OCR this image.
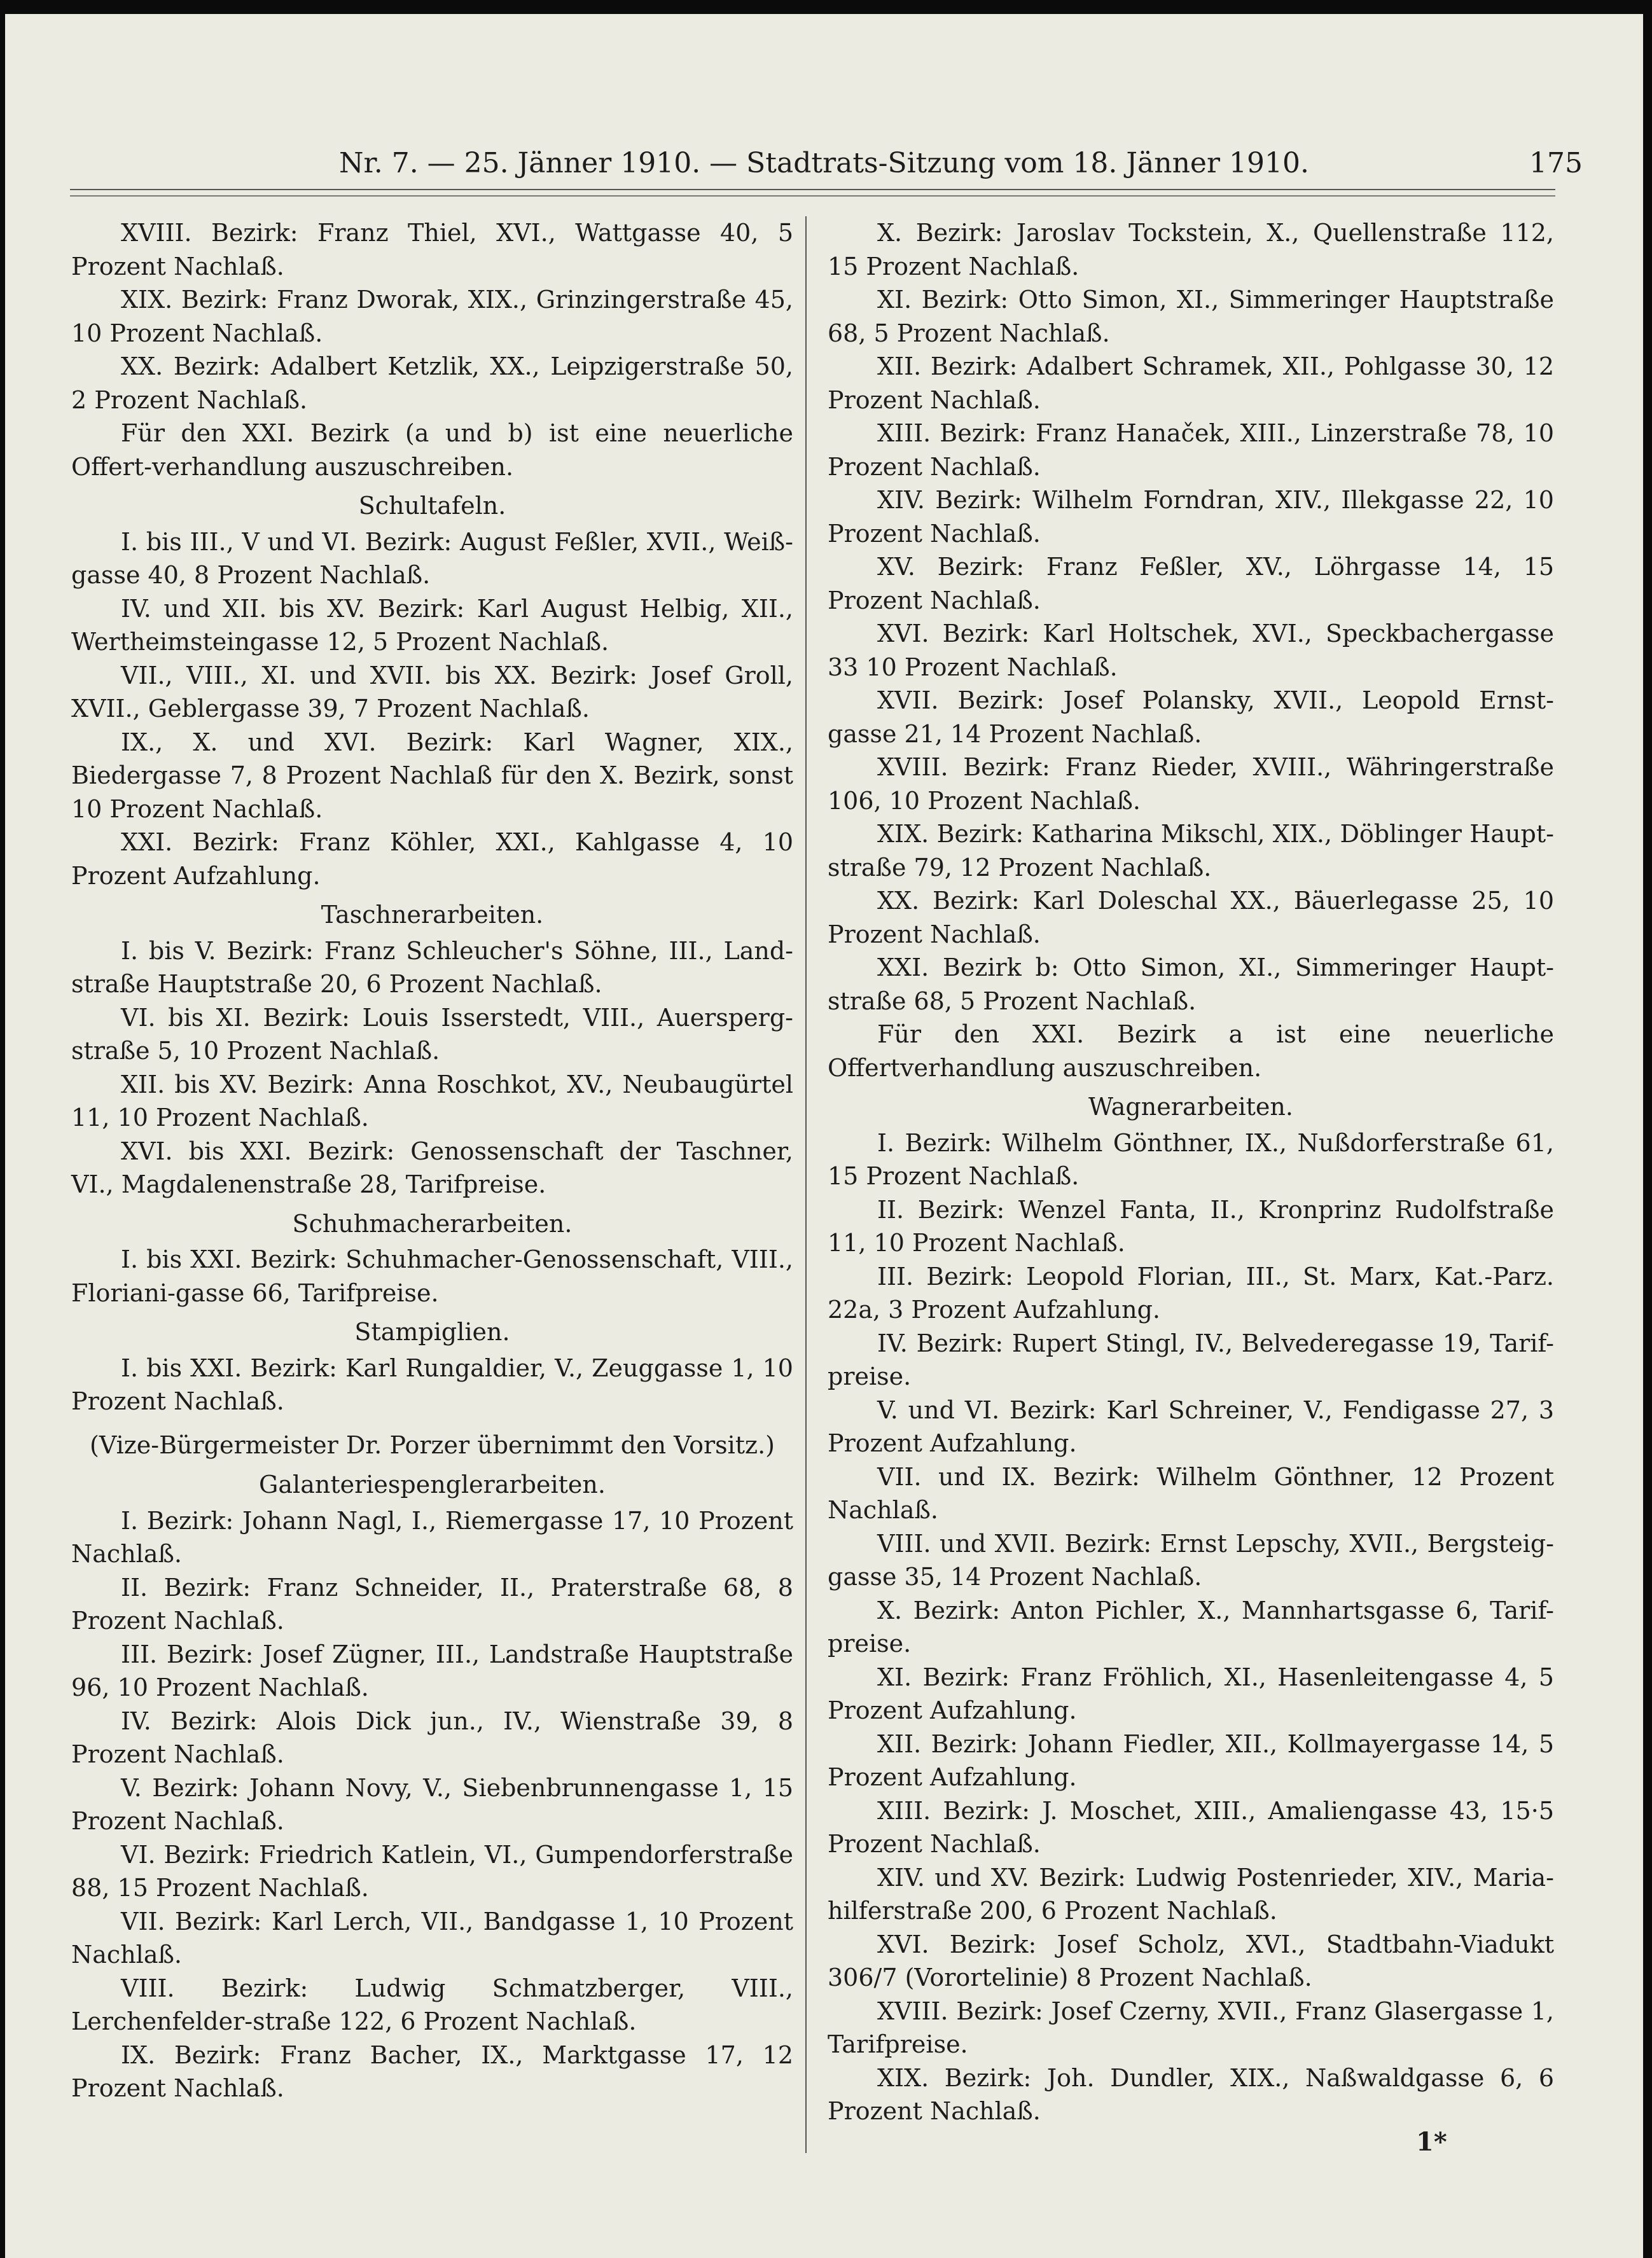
Nr. 7. — 25. Jänner 1910. — Stadtrats-Sitzung vom 18. Jänner 1910.	175

XVIII. Bezirk: Franz Thiel, XVI., Wattgasse 40, 5 Prozent Nachlaß.

XIX. Bezirk: Franz Dworak, XIX., Grinzingerstraße 45, 10 Prozent Nachlaß.

XX. Bezirk: Adalbert Ketzlik, XX., Leipzigerstraße 50, 2 Prozent Nachlaß.

Für den XXI. Bezirk (a und b) ist eine neuerliche Offert-verhandlung auszuschreiben.

Schultafeln.

I. bis III., V und VI. Bezirk: August Feßler, XVII., Weiß-gasse 40, 8 Prozent Nachlaß.

IV. und XII. bis XV. Bezirk: Karl August Helbig, XII., Wertheimsteingasse 12, 5 Prozent Nachlaß.

VII., VIII., XI. und XVII. bis XX. Bezirk: Josef Groll, XVII., Geblergasse 39, 7 Prozent Nachlaß.

IX., X. und XVI. Bezirk: Karl Wagner, XIX., Biedergasse 7, 8 Prozent Nachlaß für den X. Bezirk, sonst 10 Prozent Nachlaß.

XXI. Bezirk: Franz Köhler, XXI., Kahlgasse 4, 10 Prozent Aufzahlung.

Taschnerarbeiten.

I. bis V. Bezirk: Franz Schleucher's Söhne, III., Land-straße Hauptstraße 20, 6 Prozent Nachlaß.

VI. bis XI. Bezirk: Louis Isserstedt, VIII., Auersperg-straße 5, 10 Prozent Nachlaß.

XII. bis XV. Bezirk: Anna Roschkot, XV., Neubaugürtel 11, 10 Prozent Nachlaß.

XVI. bis XXI. Bezirk: Genossenschaft der Taschner, VI., Magdalenenstraße 28, Tarifpreise.

Schuhmacherarbeiten.

I. bis XXI. Bezirk: Schuhmacher-Genossenschaft, VIII., Floriani-gasse 66, Tarifpreise.

Stampiglien.

I. bis XXI. Bezirk: Karl Rungaldier, V., Zeuggasse 1, 10 Prozent Nachlaß.

(Vize-Bürgermeister Dr. Porzer übernimmt den Vorsitz.)

Galanteriespenglerarbeiten.

I. Bezirk: Johann Nagl, I., Riemergasse 17, 10 Prozent Nachlaß.

II. Bezirk: Franz Schneider, II., Praterstraße 68, 8 Prozent Nachlaß.

III. Bezirk: Josef Zügner, III., Landstraße Hauptstraße 96, 10 Prozent Nachlaß.

IV. Bezirk: Alois Dick jun., IV., Wienstraße 39, 8 Prozent Nachlaß.

V. Bezirk: Johann Novy, V., Siebenbrunnengasse 1, 15 Prozent Nachlaß.

VI. Bezirk: Friedrich Katlein, VI., Gumpendorferstraße 88, 15 Prozent Nachlaß.

VII. Bezirk: Karl Lerch, VII., Bandgasse 1, 10 Prozent Nachlaß.

VIII. Bezirk: Ludwig Schmatzberger, VIII., Lerchenfelder-straße 122, 6 Prozent Nachlaß.

IX. Bezirk: Franz Bacher, IX., Marktgasse 17, 12 Prozent Nachlaß.

X. Bezirk: Jaroslav Tockstein, X., Quellenstraße 112, 15 Prozent Nachlaß.

XI. Bezirk: Otto Simon, XI., Simmeringer Hauptstraße 68, 5 Prozent Nachlaß.

XII. Bezirk: Adalbert Schramek, XII., Pohlgasse 30, 12 Prozent Nachlaß.

XIII. Bezirk: Franz Hanaček, XIII., Linzerstraße 78, 10 Prozent Nachlaß.

XIV. Bezirk: Wilhelm Forndran, XIV., Illekgasse 22, 10 Prozent Nachlaß.

XV. Bezirk: Franz Feßler, XV., Löhrgasse 14, 15 Prozent Nachlaß.

XVI. Bezirk: Karl Holtschek, XVI., Speckbachergasse 33 10 Prozent Nachlaß.

XVII. Bezirk: Josef Polansky, XVII., Leopold Ernst-gasse 21, 14 Prozent Nachlaß.

XVIII. Bezirk: Franz Rieder, XVIII., Währingerstraße 106, 10 Prozent Nachlaß.

XIX. Bezirk: Katharina Mikschl, XIX., Döblinger Haupt-straße 79, 12 Prozent Nachlaß.

XX. Bezirk: Karl Doleschal XX., Bäuerlegasse 25, 10 Prozent Nachlaß.

XXI. Bezirk b: Otto Simon, XI., Simmeringer Haupt-straße 68, 5 Prozent Nachlaß.

Für den XXI. Bezirk a ist eine neuerliche Offertverhandlung auszuschreiben.

Wagnerarbeiten.

I. Bezirk: Wilhelm Gönthner, IX., Nußdorferstraße 61, 15 Prozent Nachlaß.

II. Bezirk: Wenzel Fanta, II., Kronprinz Rudolfstraße 11, 10 Prozent Nachlaß.

III. Bezirk: Leopold Florian, III., St. Marx, Kat.-Parz. 22a, 3 Prozent Aufzahlung.

IV. Bezirk: Rupert Stingl, IV., Belvederegasse 19, Tarif-preise.

V. und VI. Bezirk: Karl Schreiner, V., Fendigasse 27, 3 Prozent Aufzahlung.

VII. und IX. Bezirk: Wilhelm Gönthner, 12 Prozent Nachlaß.

VIII. und XVII. Bezirk: Ernst Lepschy, XVII., Bergsteig-gasse 35, 14 Prozent Nachlaß.

X. Bezirk: Anton Pichler, X., Mannhartsgasse 6, Tarif-preise.

XI. Bezirk: Franz Fröhlich, XI., Hasenleitengasse 4, 5 Prozent Aufzahlung.

XII. Bezirk: Johann Fiedler, XII., Kollmayergasse 14, 5 Prozent Aufzahlung.

XIII. Bezirk: J. Moschet, XIII., Amaliengasse 43, 15·5 Prozent Nachlaß.

XIV. und XV. Bezirk: Ludwig Postenrieder, XIV., Maria-hilferstraße 200, 6 Prozent Nachlaß.

XVI. Bezirk: Josef Scholz, XVI., Stadtbahn-Viadukt 306/7 (Vorortelinie) 8 Prozent Nachlaß.

XVIII. Bezirk: Josef Czerny, XVII., Franz Glasergasse 1, Tarifpreise.

XIX. Bezirk: Joh. Dundler, XIX., Naßwaldgasse 6, 6 Prozent Nachlaß.

1*
